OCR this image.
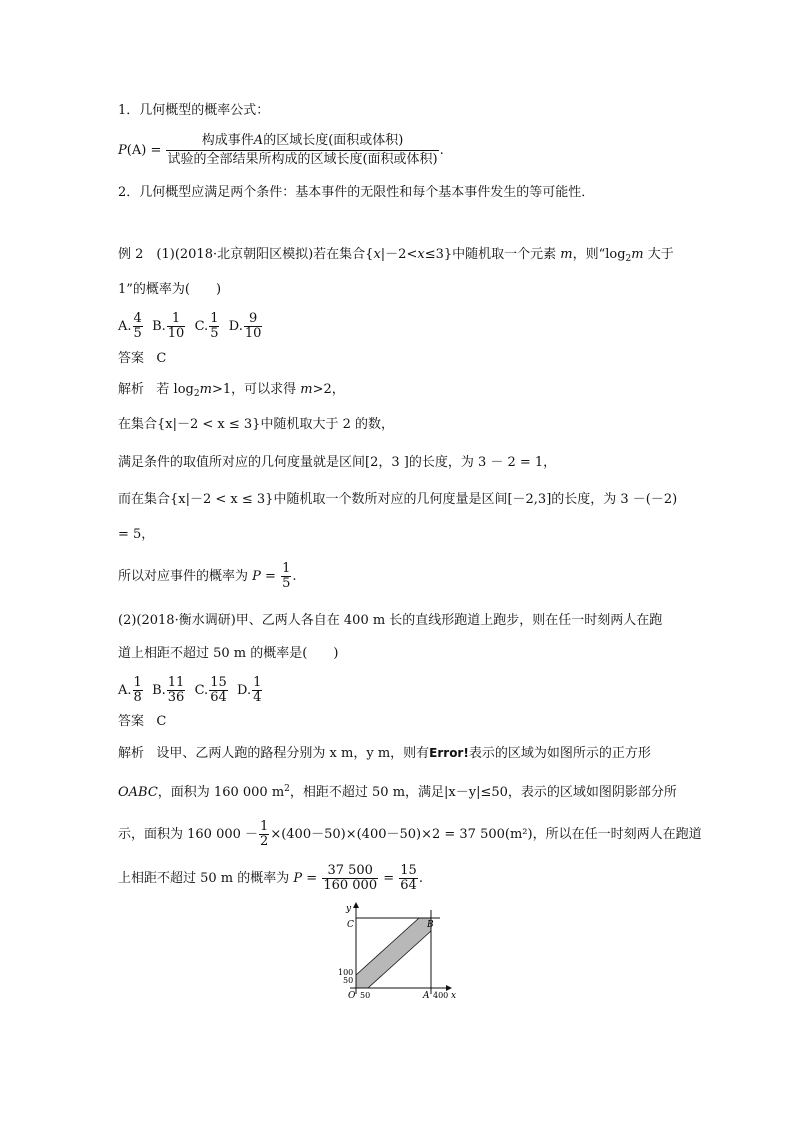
1．几何概型的概率公式：
$P(A) = \frac{\text{构成事件A的区域长度(面积或体积)}}{\text{试验的全部结果所构成的区域长度(面积或体积)}}$ .
2．几何概型应满足两个条件：基本事件的无限性和每个基本事件发生的等可能性．
例 2　(1)(2018·北京朝阳区模拟)若在集合{x|－2<x≤3}中随机取一个元素 m，则“$\log_2m$ 大于
1”的概率为(　　)
A. $\frac{4}{5} B$. $\frac{1}{10} C$. $\frac{1}{5} D$. $\frac{9}{10}$
答案 C
解析 若 $\log_2m>1$，可以求得 m>2，
在集合{x|－2 < x ≤ 3}中随机取大于 2 的数，
满足条件的取值所对应的几何度量就是区间[2，3 ]的长度，为 3 － 2 = 1，
而在集合{x|－2 < x ≤ 3}中随机取一个数所对应的几何度量是区间[－2,3]的长度，为 3 －(－2)
= 5，
所以对应事件的概率为 $P = \frac{1}{5}$ .
(2)(2018·衡水调研)甲、乙两人各自在 400 m 长的直线形跑道上跑步，则在任一时刻两人在跑
道上相距不超过 50 m 的概率是(　　)
A. $\frac{1}{8} B$. $\frac{11}{36} C$. $\frac{15}{64} D$. $\frac{1}{4}$
答案 C
解析 设甲、乙两人跑的路程分别为 x m，y m，则有Error!表示的区域为如图所示的正方形
OABC，面积为 160 000 $m^2$，相距不超过 50 m，满足|x－y|≤50，表示的区域如图阴影部分所
示，面积为 160 $000 - \frac{1}{2} \times(400-50)\times(400-50)\times 2 = 37$ 500(m²)，所以在任一时刻两人在跑道
上相距不超过 50 m 的概率为 $P = \frac{37 500}{160 000} = \frac{15}{64}$ .
y
C	B
100
50
O 50	A 400 x
